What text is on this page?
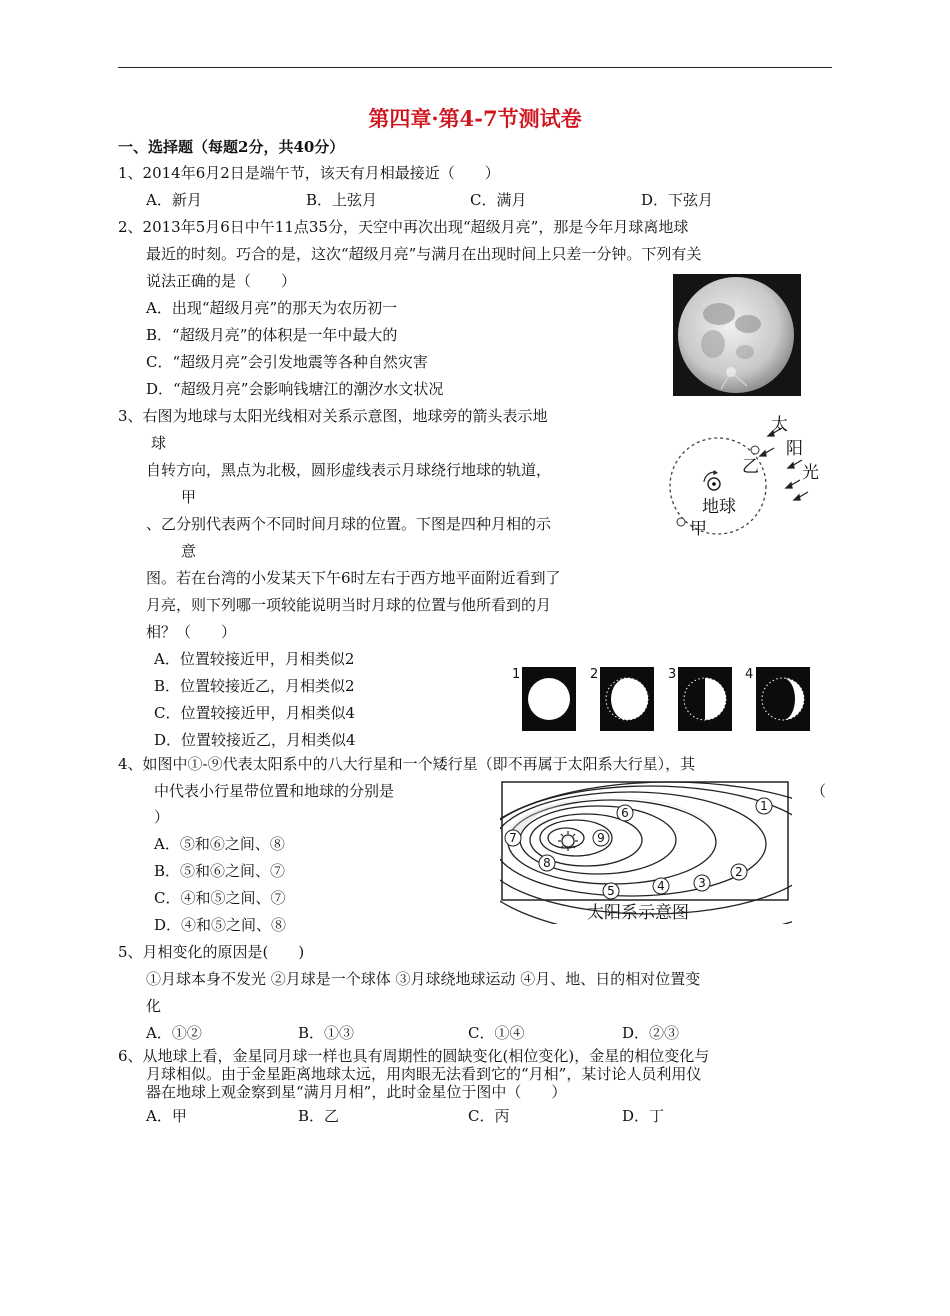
第四章·第4-7节测试卷
一、选择题（每题2分，共40分）
1、2014年6月2日是端午节，该天有月相最接近（　　）
A．新月	B．上弦月	C．满月	D．下弦月
2、2013年5月6日中午11点35分，天空中再次出现“超级月亮”，那是今年月球离地球
最近的时刻。巧合的是，这次“超级月亮”与满月在出现时间上只差一分钟。下列有关
说法正确的是（　　）
A．出现“超级月亮”的那天为农历初一
B．“超级月亮”的体积是一年中最大的
C．“超级月亮”会引发地震等各种自然灾害
D．“超级月亮”会影响钱塘江的潮汐水文状况
3、右图为地球与太阳光线相对关系示意图，地球旁的箭头表示地
球
自转方向，黑点为北极，圆形虚线表示月球绕行地球的轨道，
甲
、乙分别代表两个不同时间月球的位置。下图是四种月相的示
意
图。若在台湾的小发某天下午6时左右于西方地平面附近看到了
月亮，则下列哪一项较能说明当时月球的位置与他所看到的月
相？（　　）
A．位置较接近甲，月相类似2
B．位置较接近乙，月相类似2
C．位置较接近甲，月相类似4
D．位置较接近乙，月相类似4
太
阳
光
乙
地球
甲
1	2	3	4
4、如图中①-⑨代表太阳系中的八大行星和一个矮行星（即不再属于太阳系大行星），其
中代表小行星带位置和地球的分别是	（
）
A．⑤和⑥之间、⑧
B．⑤和⑥之间、⑦
C．④和⑤之间、⑦
D．④和⑤之间、⑧
1
2
3
4
5
6
7
8
9
太阳系示意图
5、月相变化的原因是(　　)
①月球本身不发光 ②月球是一个球体 ③月球绕地球运动 ④月、地、日的相对位置变
化
A．①②	B．①③	C．①④	D．②③
6、从地球上看，金星同月球一样也具有周期性的圆缺变化(相位变化)，金星的相位变化与
月球相似。由于金星距离地球太远，用肉眼无法看到它的“月相”，某讨论人员利用仪
器在地球上观金察到星“满月月相”，此时金星位于图中（　　）
A．甲	B．乙	C．丙	D．丁
